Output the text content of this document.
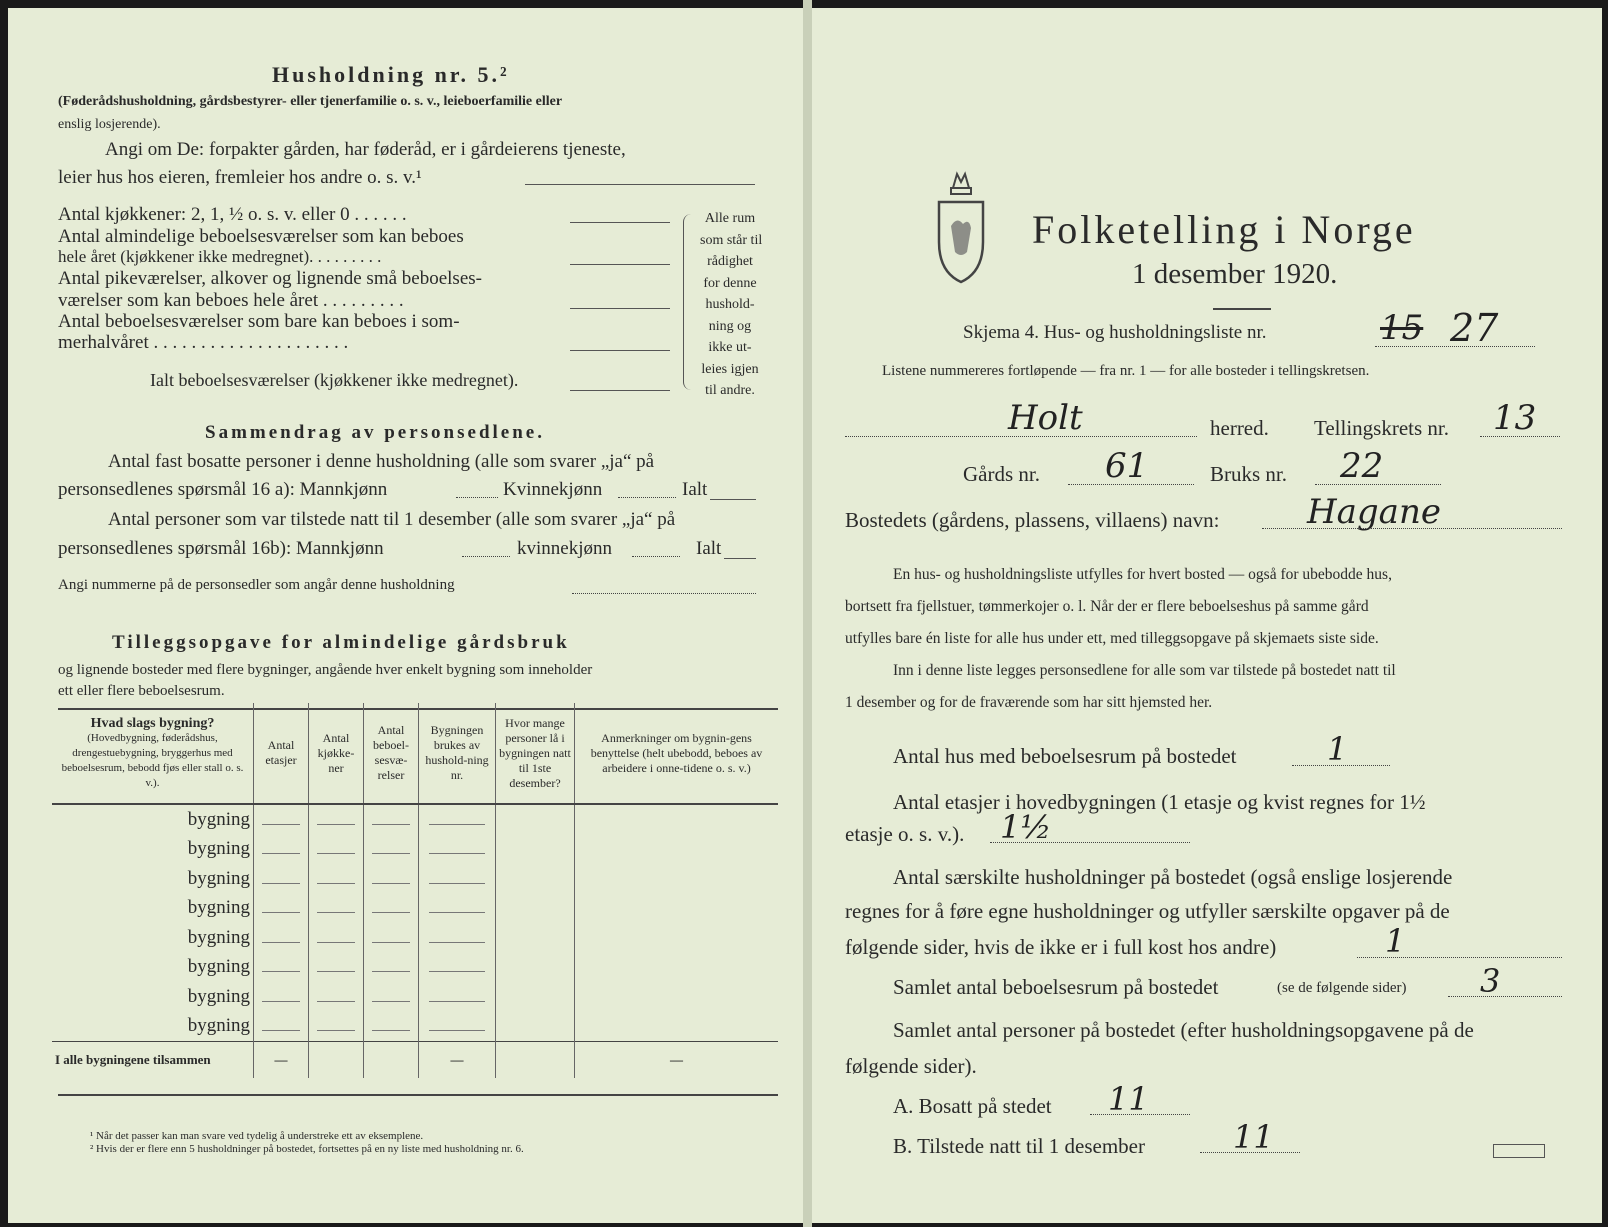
Husholdning nr. 5.²
(Føderådshusholdning, gårdsbestyrer- eller tjenerfamilie o. s. v., leieboerfamilie eller
enslig losjerende).
Angi om De: forpakter gården, har føderåd, er i gårdeierens tjeneste,
leier hus hos eieren, fremleier hos andre o. s. v.¹
Antal kjøkkener: 2, 1, ½ o. s. v. eller 0 . . . . . .
Antal almindelige beboelsesværelser som kan beboes
hele året (kjøkkener ikke medregnet). . . . . . . . .
Antal pikeværelser, alkover og lignende små beboelses-
værelser som kan beboes hele året . . . . . . . . .
Antal beboelsesværelser som bare kan beboes i som-
merhalvåret . . . . . . . . . . . . . . . . . . . . .
Ialt beboelsesværelser (kjøkkener ikke medregnet).
Alle rum
som står til
rådighet
for denne
hushold-
ning og
ikke ut-
leies igjen
til andre.
Sammendrag av personsedlene.
Antal fast bosatte personer i denne husholdning (alle som svarer „ja“ på
personsedlenes spørsmål 16 a): Mannkjønn	Kvinnekjønn	Ialt
Antal personer som var tilstede natt til 1 desember (alle som svarer „ja“ på
personsedlenes spørsmål 16b): Mannkjønn	kvinnekjønn	Ialt
Angi nummerne på de personsedler som angår denne husholdning
Tilleggsopgave for almindelige gårdsbruk
og lignende bosteder med flere bygninger, angående hver enkelt bygning som inneholder
ett eller flere beboelsesrum.
Hvad slags bygning?
(Hovedbygning, føderådshus, drengestuebygning, bryggerhus med beboelsesrum, bebodd fjøs eller stall o. s. v.).	Antal etasjer	Antal kjøkke-ner	Antal beboel-sesvæ-relser	Bygningen brukes av hushold-ning nr.	Hvor mange personer lå i bygningen natt til 1ste desember?	Anmerkninger om bygnin-gens benyttelse (helt ubebodd, beboes av arbeidere i onne-tidene o. s. v.)
bygning						
bygning						
bygning						
bygning						
bygning						
bygning						
bygning						
bygning						
I alle bygningene tilsammen	—			—		—
¹ Når det passer kan man svare ved tydelig å understreke ett av eksemplene.
² Hvis der er flere enn 5 husholdninger på bostedet, fortsettes på en ny liste med husholdning nr. 6.
Folketelling i Norge
1 desember 1920.
Skjema 4. Hus- og husholdningsliste nr.	15 27
Listene nummereres fortløpende — fra nr. 1 — for alle bosteder i tellingskretsen.
Holt	herred. Tellingskrets nr. 13
Gårds nr. 61	Bruks nr. 22
Bostedets (gårdens, plassens, villaens) navn:	Hagane
En hus- og husholdningsliste utfylles for hvert bosted — også for ubebodde hus,
bortsett fra fjellstuer, tømmerkojer o. l. Når der er flere beboelseshus på samme gård
utfylles bare én liste for alle hus under ett, med tilleggsopgave på skjemaets siste side.
Inn i denne liste legges personsedlene for alle som var tilstede på bostedet natt til
1 desember og for de fraværende som har sitt hjemsted her.
Antal hus med beboelsesrum på bostedet	1
Antal etasjer i hovedbygningen (1 etasje og kvist regnes for 1½
etasje o. s. v.). 1½
Antal særskilte husholdninger på bostedet (også enslige losjerende
regnes for å føre egne husholdninger og utfyller særskilte opgaver på de
følgende sider, hvis de ikke er i full kost hos andre)	1
Samlet antal beboelsesrum på bostedet	(se de følgende sider) 3
Samlet antal personer på bostedet (efter husholdningsopgavene på de
følgende sider).
A. Bosatt på stedet 11
B. Tilstede natt til 1 desember	11
